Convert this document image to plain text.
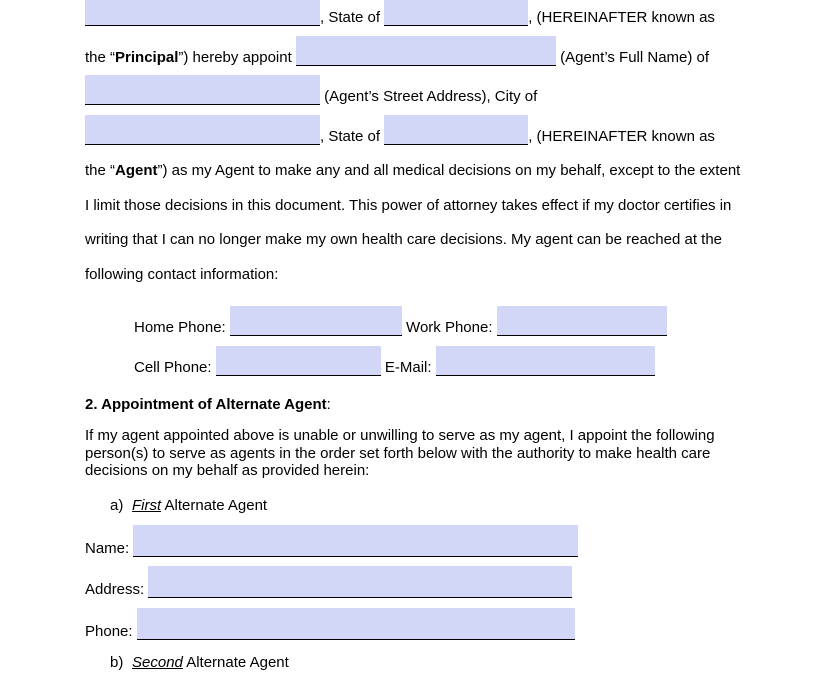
, State of	, (HEREINAFTER known as
the “Principal”) hereby appoint	(Agent’s Full Name) of
(Agent’s Street Address), City of
, State of	, (HEREINAFTER known as
the “Agent”) as my Agent to make any and all medical decisions on my behalf, except to the extent
I limit those decisions in this document. This power of attorney takes effect if my doctor certifies in
writing that I can no longer make my own health care decisions. My agent can be reached at the
following contact information:
Home Phone:	Work Phone:
Cell Phone:	E-Mail:
2. Appointment of Alternate Agent:
If my agent appointed above is unable or unwilling to serve as my agent, I appoint the following
person(s) to serve as agents in the order set forth below with the authority to make health care
decisions on my behalf as provided herein:
a) First Alternate Agent
Name:
Address:
Phone:
b) Second Alternate Agent
